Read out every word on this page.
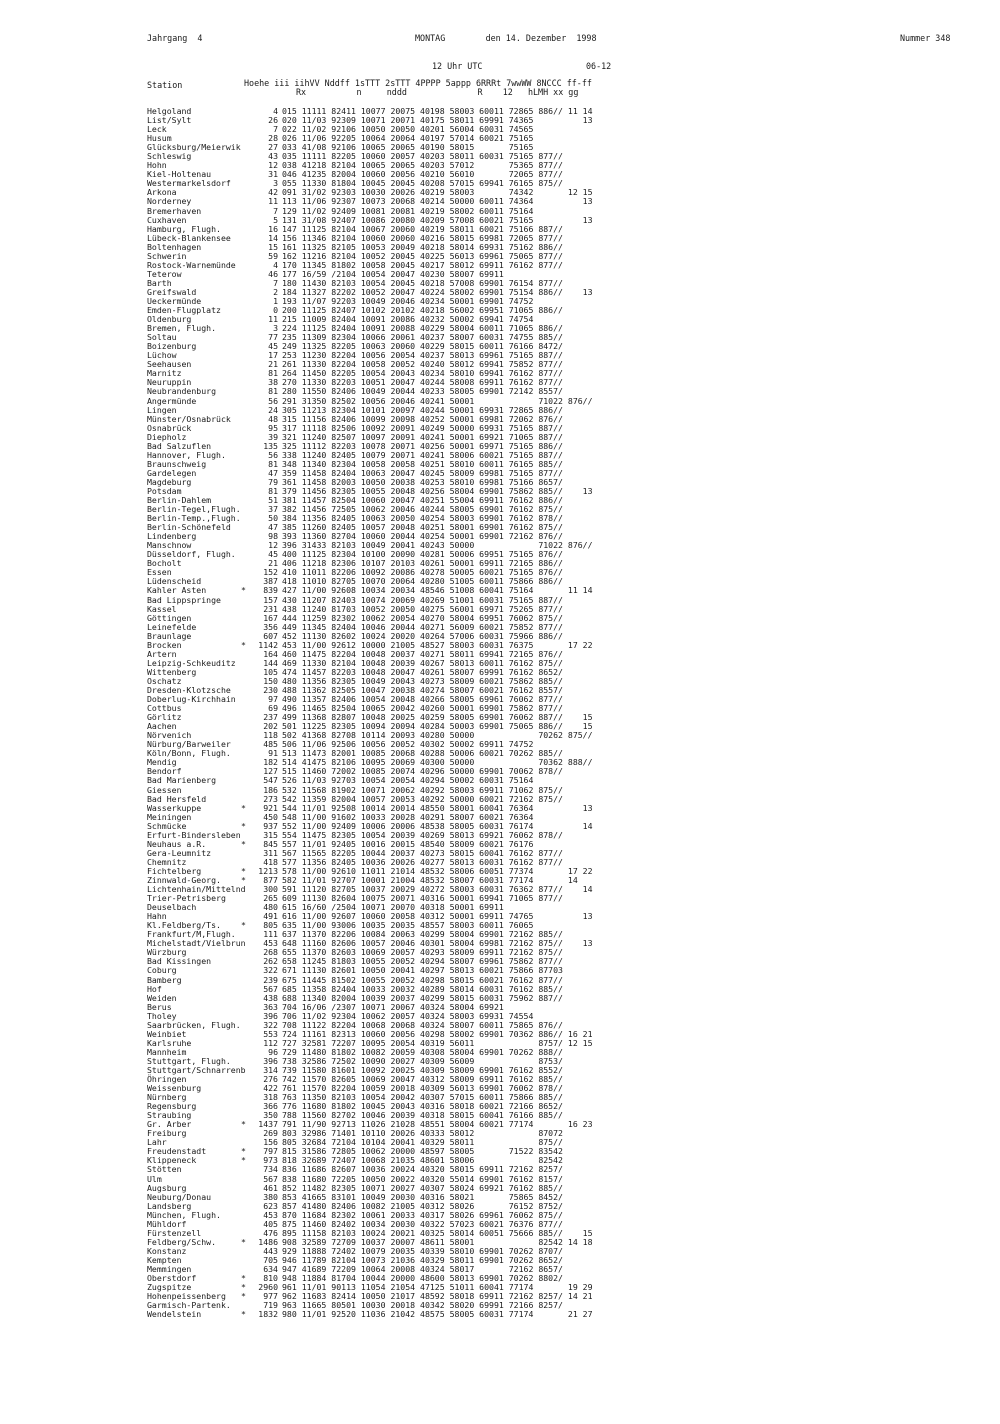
Jahrgang  4	MONTAG        den 14. Dezember  1998	Nummer 348
12 Uhr UTC	06-12
Station	Hoehe iii iihVV Nddff 1sTTT 2sTTT 4PPPP 5appp 6RRRt 7wwWW 8NCCC ff-ff
Rx          n     nddd              R    12   hLMH xx gg
Helgoland	4 015 11111 82411 10077 20075 40198 58003 60011 72865 886// 11 14
List/Sylt	26 020 11/03 92309 10071 20071 40175 58011 69991 74365          13
Leck	7 022 11/02 92106 10050 20050 40201 56004 60031 74565
Husum	28 026 11/06 92205 10064 20064 40197 57014 60021 75165
Glücksburg/Meierwik	27 033 41/08 92106 10065 20065 40190 58015       75165
Schleswig	43 035 11111 82205 10060 20057 40203 58011 60031 75165 877//
Hohn	12 038 41218 82104 10065 20065 40203 57012       75365 877//
Kiel-Holtenau	31 046 41235 82004 10060 20056 40210 56010       72065 877//
Westermarkelsdorf	3 055 11330 81804 10045 20045 40208 57015 69941 76165 875//
Arkona	42 091 31/02 92303 10030 20026 40219 58003       74342       12 15
Norderney	11 113 11/06 92307 10073 20068 40214 50000 60011 74364          13
Bremerhaven	7 129 11/02 92409 10081 20081 40219 58002 60011 75164
Cuxhaven	5 131 31/08 92407 10086 20080 40209 57008 60021 75165          13
Hamburg, Flugh.	16 147 11125 82104 10067 20060 40219 58011 60021 75166 887//
Lübeck-Blankensee	14 156 11346 82104 10060 20060 40216 58015 69981 72065 877//
Boltenhagen	15 161 11325 82105 10053 20049 40218 58014 69931 75162 886//
Schwerin	59 162 11216 82104 10052 20045 40225 56013 69961 75065 877//
Rostock-Warnemünde	4 170 11345 81802 10058 20045 40217 58012 69911 76162 877//
Teterow	46 177 16/59 /2104 10054 20047 40230 58007 69911
Barth	7 180 11430 82103 10054 20045 40218 57008 69901 76154 877//
Greifswald	2 184 11327 82202 10052 20047 40224 58002 69901 75154 886//    13
Ueckermünde	1 193 11/07 92203 10049 20046 40234 50001 69901 74752
Emden-Flugplatz	0 200 11125 82407 10102 20102 40218 56002 69951 71065 886//
Oldenburg	11 215 11009 82404 10091 20086 40232 50002 69941 74754
Bremen, Flugh.	3 224 11125 82404 10091 20088 40229 58004 60011 71065 886//
Soltau	77 235 11309 82304 10066 20061 40237 58007 60031 74755 885//
Boizenburg	45 249 11325 82205 10063 20060 40229 58015 60011 76166 8472/
Lüchow	17 253 11230 82204 10056 20054 40237 58013 69961 75165 887//
Seehausen	21 261 11330 82204 10058 20052 40240 58012 69941 75852 877//
Marnitz	81 264 11450 82205 10054 20043 40234 58010 69941 76162 877//
Neuruppin	38 270 11330 82203 10051 20047 40244 58008 69911 76162 877//
Neubrandenburg	81 280 11550 82406 10049 20044 40233 58005 69901 72142 8557/
Angermünde	56 291 31350 82502 10056 20046 40241 50001             71022 876//
Lingen	24 305 11213 82304 10101 20097 40244 50001 69931 72865 886//
Münster/Osnabrück	48 315 11156 82406 10099 20098 40252 50001 69981 72062 876//
Osnabrück	95 317 11118 82506 10092 20091 40249 50000 69931 75165 887//
Diepholz	39 321 11240 82507 10097 20091 40241 50001 69921 71065 887//
Bad Salzuflen	135 325 11112 82203 10078 20071 40256 50001 69971 75165 886//
Hannover, Flugh.	56 338 11240 82405 10079 20071 40241 58006 60021 75165 887//
Braunschweig	81 348 11340 82304 10058 20058 40251 58010 60011 76165 885//
Gardelegen	47 359 11458 82404 10063 20047 40245 58009 69981 75165 877//
Magdeburg	79 361 11458 82003 10050 20038 40253 58010 69981 75166 8657/
Potsdam	81 379 11456 82305 10055 20048 40256 58004 69901 75862 885//    13
Berlin-Dahlem	51 381 11457 82504 10060 20047 40251 55004 69911 76162 886//
Berlin-Tegel,Flugh.	37 382 11456 72505 10062 20046 40244 58005 69901 76162 875//
Berlin-Temp.,Flugh.	50 384 11356 82405 10063 20050 40254 58003 69901 76162 878//
Berlin-Schönefeld	47 385 11260 82405 10057 20048 40251 58001 69901 76162 875//
Lindenberg	98 393 11360 82704 10060 20044 40254 50001 69901 72162 876//
Manschnow	12 396 31433 82103 10049 20041 40243 50000             71022 876//
Düsseldorf, Flugh.	45 400 11125 82304 10100 20090 40281 50006 69951 75165 876//
Bocholt	21 406 11218 82306 10107 20103 40261 50001 69911 72165 886//
Essen	152 410 11011 82206 10092 20086 40278 50005 60021 75165 876//
Lüdenscheid	387 418 11010 82705 10070 20064 40280 51005 60011 75866 886//
Kahler Asten	*	839 427 11/00 92608 10034 20034 48546 51008 60041 75164       11 14
Bad Lippspringe	157 430 11207 82403 10074 20069 40269 51001 60031 75165 887//
Kassel	231 438 11240 81703 10052 20050 40275 56001 69971 75265 877//
Göttingen	167 444 11259 82302 10062 20054 40270 58004 69951 76062 875//
Leinefelde	356 449 11345 82404 10046 20044 40271 56009 60021 75852 877//
Braunlage	607 452 11130 82602 10024 20020 40264 57006 60031 75966 886//
Brocken	*	1142 453 11/00 92612 10000 21005 48527 58003 60031 76375       17 22
Artern	164 460 11475 82204 10048 20037 40271 58011 69941 72165 876//
Leipzig-Schkeuditz	144 469 11330 82104 10048 20039 40267 58013 60011 76162 875//
Wittenberg	105 474 11457 82203 10048 20047 40261 58007 69991 76162 8652/
Oschatz	150 480 11356 82305 10049 20043 40273 58009 60021 75862 885//
Dresden-Klotzsche	230 488 11362 82505 10047 20038 40274 58007 60021 76162 8557/
Doberlug-Kirchhain	97 490 11357 82406 10054 20048 40266 58005 69961 76062 877//
Cottbus	69 496 11465 82504 10065 20042 40260 50001 69901 75862 877//
Görlitz	237 499 11368 82807 10048 20025 40259 58005 69901 76062 887//    15
Aachen	202 501 11225 82305 10094 20094 40284 50003 69901 75065 886//    15
Nörvenich	118 502 41368 82708 10114 20093 40280 50000             70262 875//
Nürburg/Barweiler	485 506 11/06 92506 10056 20052 40302 50002 69911 74752
Köln/Bonn, Flugh.	91 513 11473 82001 10085 20068 40288 50006 60021 70262 885//
Mendig	182 514 41475 82106 10095 20069 40300 50000             70362 888//
Bendorf	127 515 11460 72002 10085 20074 40296 50000 69901 70062 878//
Bad Marienberg	547 526 11/03 92703 10054 20054 40294 50002 60031 75164
Giessen	186 532 11568 81902 10071 20062 40292 58003 69911 71062 875//
Bad Hersfeld	273 542 11359 82004 10057 20053 40292 50000 60021 72162 875//
Wasserkuppe	*	921 544 11/01 92508 10014 20014 48550 58001 60041 76364          13
Meiningen	450 548 11/00 91602 10033 20028 40291 58007 60021 76364
Schmücke	*	937 552 11/00 92409 10006 20006 48538 58005 60031 76174          14
Erfurt-Bindersleben	315 554 11475 82305 10054 20039 40269 58013 69921 76062 878//
Neuhaus a.R.	*	845 557 11/01 92405 10016 20015 48540 58009 60021 76176
Gera-Leumnitz	311 567 11565 82205 10044 20037 40273 58015 60041 76162 877//
Chemnitz	418 577 11356 82405 10036 20026 40277 58013 60031 76162 877//
Fichtelberg	*	1213 578 11/00 92610 11011 21014 48532 58006 60051 77374       17 22
Zinnwald-Georg. *	877 582 11/01 92707 10001 21004 48532 58007 60031 77174       14
Lichtenhain/Mittelnd	300 591 11120 82705 10037 20029 40272 58003 60031 76362 877//    14
Trier-Petrisberg	265 609 11130 82604 10075 20071 40316 50001 69941 71065 877//
Deuselbach	480 615 16/60 /2504 10071 20070 40318 50001 69911
Hahn	491 616 11/00 92607 10060 20058 40312 50001 69911 74765          13
Kl.Feldberg/Ts. *	805 635 11/00 93006 10035 20035 48557 58003 60011 76065
Frankfurt/M,Flugh.	111 637 11370 82206 10084 20063 40299 58004 69901 72162 885//
Michelstadt/Vielbrun	453 648 11160 82606 10057 20046 40301 58004 69981 72162 875//    13
Würzburg	268 655 11370 82603 10069 20057 40293 58009 69911 72162 875//
Bad Kissingen	262 658 11245 81803 10055 20052 40294 58007 69961 75862 877//
Coburg	322 671 11130 82601 10050 20041 40297 58013 60021 75866 87703
Bamberg	239 675 11445 81502 10055 20052 40298 58015 60021 76162 877//
Hof	567 685 11358 82404 10033 20032 40289 58014 60031 76162 885//
Weiden	438 688 11340 82004 10039 20037 40299 58015 60031 75962 887//
Berus	363 704 16/06 /2307 10071 20067 40324 58004 69921
Tholey	396 706 11/02 92304 10062 20057 40324 58003 69931 74554
Saarbrücken, Flugh.	322 708 11122 82204 10068 20068 40324 58007 60011 75865 876//
Weinbiet	553 724 11161 82313 10060 20056 40298 58002 69901 70362 886// 16 21
Karlsruhe	112 727 32581 72207 10095 20054 40319 56011             8757/ 12 15
Mannheim	96 729 11480 81802 10082 20059 40308 58004 69901 70262 888//
Stuttgart, Flugh.	396 738 32586 72502 10090 20027 40309 56009             8753/
Stuttgart/Schnarrenb	314 739 11580 81601 10092 20025 40309 58009 69901 76162 8552/
Öhringen	276 742 11570 82605 10069 20047 40312 58009 69911 76162 885//
Weissenburg	422 761 11570 82204 10059 20018 40309 56013 69901 76062 878//
Nürnberg	318 763 11350 82103 10054 20042 40307 57015 60011 75866 885//
Regensburg	366 776 11680 81802 10045 20043 40316 58018 60021 72166 8652/
Straubing	350 788 11560 82702 10046 20039 40318 58015 60041 76166 885//
Gr. Arber	*	1437 791 11/90 92713 11026 21028 48551 58004 60021 77174       16 23
Freiburg	269 803 32986 71401 10110 20026 40333 58012             87072
Lahr	156 805 32684 72104 10104 20041 40329 58011             875//
Freudenstadt	*	797 815 31586 72805 10062 20000 48597 58005       71522 83542
Klippeneck	*	973 818 32689 72407 10068 21035 48601 58006             82542
Stötten	734 836 11686 82607 10036 20024 40320 58015 69911 72162 8257/
Ulm	567 838 11680 72205 10050 20022 40320 55014 69901 76162 8157/
Augsburg	461 852 11482 82305 10071 20027 40307 58024 69921 76162 885//
Neuburg/Donau	380 853 41665 83101 10049 20030 40316 58021       75865 8452/
Landsberg	623 857 41480 82406 10082 21005 40312 58026       76152 8752/
München, Flugh.	453 870 11684 82302 10061 20033 40317 58026 69961 76062 875//
Mühldorf	405 875 11460 82402 10034 20030 40322 57023 60021 76376 877//
Fürstenzell	476 895 11158 82103 10024 20021 40325 58014 60051 75666 885//    15
Feldberg/Schw.	*	1486 908 32589 72709 10037 20007 48611 58001             82542 14 18
Konstanz	443 929 11888 72402 10079 20035 40339 58010 69901 70262 8707/
Kempten	705 946 11789 82104 10073 21036 40329 58011 69901 70262 8652/
Memmingen	634 947 41689 72209 10064 20008 40324 58017       72162 8657/
Oberstdorf	*	810 948 11884 81704 10044 20000 48600 58013 69901 70262 8802/
Zugspitze	*	2960 961 11/01 90113 11054 21054 47125 51011 60041 77174       19 29
Hohenpeissenberg *	977 962 11683 82414 10050 21017 48592 58018 69911 72162 8257/ 14 21
Garmisch-Partenk.	719 963 11665 80501 10030 20018 40342 58020 69991 72166 8257/
Wendelstein	*	1832 980 11/01 92520 11036 21042 48575 58005 60031 77174       21 27
